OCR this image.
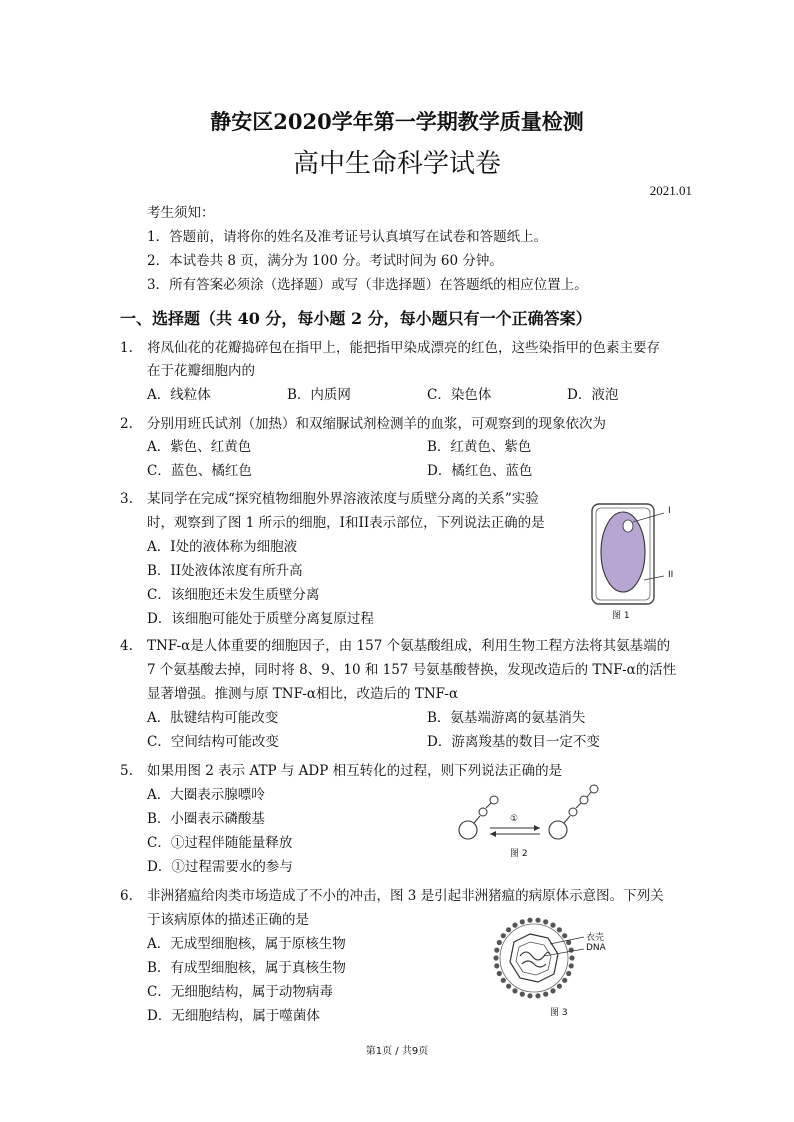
静安区2020学年第一学期教学质量检测
高中生命科学试卷
2021.01
考生须知：
1．答题前，请将你的姓名及准考证号认真填写在试卷和答题纸上。
2．本试卷共 8 页，满分为 100 分。考试时间为 60 分钟。
3．所有答案必须涂（选择题）或写（非选择题）在答题纸的相应位置上。
一、选择题（共 40 分，每小题 2 分，每小题只有一个正确答案）
1. 将凤仙花的花瓣捣碎包在指甲上，能把指甲染成漂亮的红色，这些染指甲的色素主要存
在于花瓣细胞内的
A．线粒体	B．内质网	C．染色体	D．液泡
2. 分别用班氏试剂（加热）和双缩脲试剂检测羊的血浆，可观察到的现象依次为
A．紫色、红黄色	B．红黄色、紫色
C．蓝色、橘红色	D．橘红色、蓝色
3. 某同学在完成“探究植物细胞外界溶液浓度与质壁分离的关系”实验
时，观察到了图 1 所示的细胞，I和II表示部位，下列说法正确的是
A．I处的液体称为细胞液
B．II处液体浓度有所升高
C．该细胞还未发生质壁分离
D．该细胞可能处于质壁分离复原过程
I
II
图 1
4. TNF-α是人体重要的细胞因子，由 157 个氨基酸组成，利用生物工程方法将其氨基端的
7 个氨基酸去掉，同时将 8、9、10 和 157 号氨基酸替换，发现改造后的 TNF-α的活性
显著增强。推测与原 TNF-α相比，改造后的 TNF-α
A．肽键结构可能改变	B．氨基端游离的氨基消失
C．空间结构可能改变	D．游离羧基的数目一定不变
5. 如果用图 2 表示 ATP 与 ADP 相互转化的过程，则下列说法正确的是
A．大圈表示腺嘌呤
B．小圈表示磷酸基
C．①过程伴随能量释放
D．①过程需要水的参与
①
图 2
6. 非洲猪瘟给肉类市场造成了不小的冲击，图 3 是引起非洲猪瘟的病原体示意图。下列关
于该病原体的描述正确的是
A．无成型细胞核，属于原核生物
B．有成型细胞核，属于真核生物
C．无细胞结构，属于动物病毒
D．无细胞结构，属于噬菌体
衣壳
DNA
图 3
第1页 / 共9页
